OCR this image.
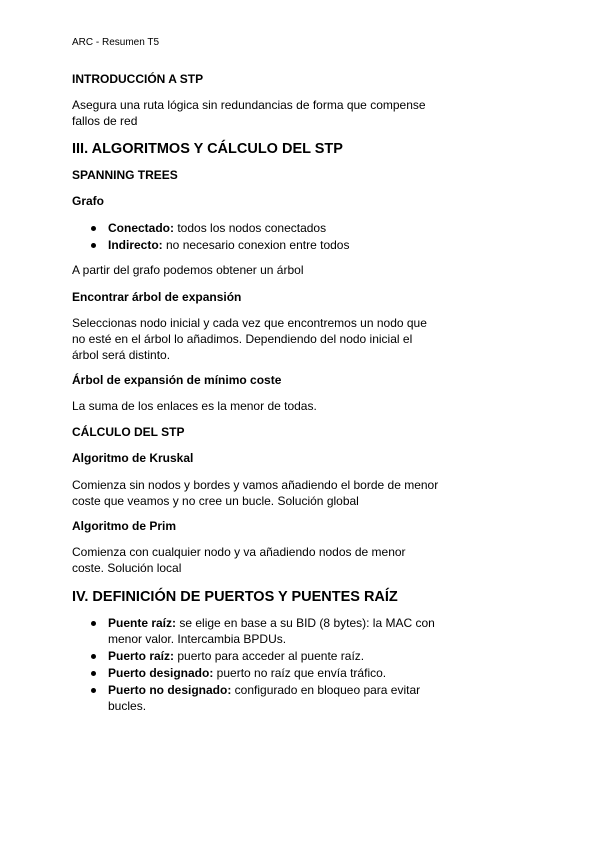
ARC - Resumen T5
INTRODUCCIÓN A STP
Asegura una ruta lógica sin redundancias de forma que compense fallos de red
III. ALGORITMOS Y CÁLCULO DEL STP
SPANNING TREES
Grafo
Conectado: todos los nodos conectados
Indirecto: no necesario conexion entre todos
A partir del grafo podemos obtener un árbol
Encontrar árbol de expansión
Seleccionas nodo inicial y cada vez que encontremos un nodo que no esté en el árbol lo añadimos. Dependiendo del nodo inicial el árbol será distinto.
Árbol de expansión de mínimo coste
La suma de los enlaces es la menor de todas.
CÁLCULO DEL STP
Algoritmo de Kruskal
Comienza sin nodos y bordes y vamos añadiendo el borde de menor coste que veamos y no cree un bucle. Solución global
Algoritmo de Prim
Comienza con cualquier nodo y va añadiendo nodos de menor coste. Solución local
IV. DEFINICIÓN DE PUERTOS Y PUENTES RAÍZ
Puente raíz: se elige en base a su BID (8 bytes): la MAC con menor valor. Intercambia BPDUs.
Puerto raíz: puerto para acceder al puente raíz.
Puerto designado: puerto no raíz que envía tráfico.
Puerto no designado: configurado en bloqueo para evitar bucles.
